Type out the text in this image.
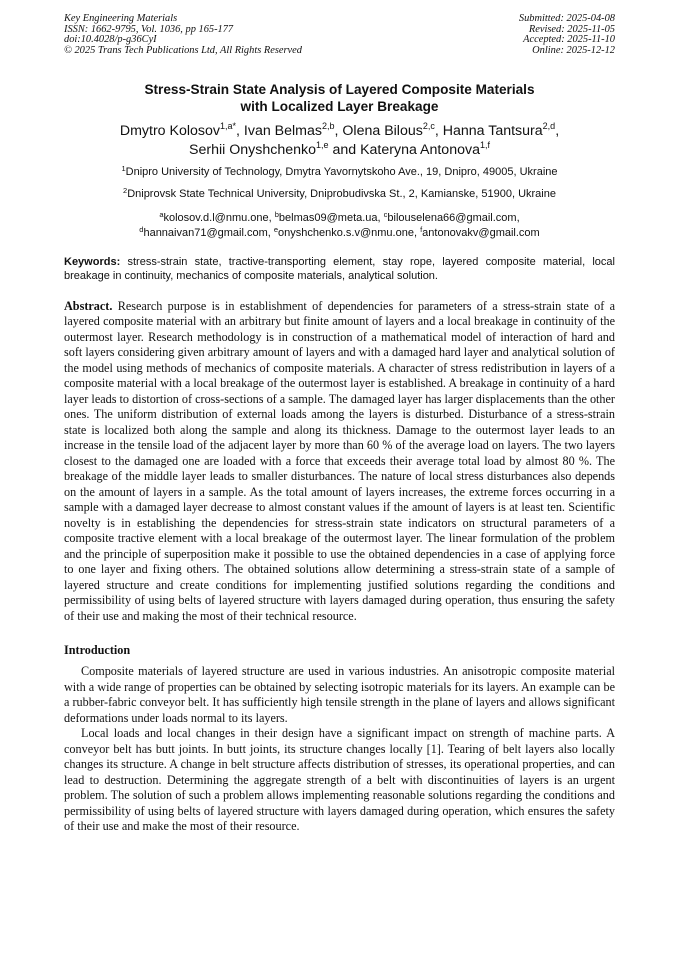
Key Engineering Materials
ISSN: 1662-9795, Vol. 1036, pp 165-177
doi:10.4028/p-g36CyI
© 2025 Trans Tech Publications Ltd, All Rights Reserved
Submitted: 2025-04-08
Revised: 2025-11-05
Accepted: 2025-11-10
Online: 2025-12-12
Stress-Strain State Analysis of Layered Composite Materials
with Localized Layer Breakage
Dmytro Kolosov$^{1,a*}$, Ivan Belmas$^{2,b}$, Olena Bilous$^{2,c}$, Hanna Tantsura$^{2,d}$,
Serhii Onyshchenko$^{1,e}$ and Kateryna Antonova$^{1,f}$
$^1$Dnipro University of Technology, Dmytra Yavornytskoho Ave., 19, Dnipro, 49005, Ukraine
$^2$Dniprovsk State Technical University, Dniprobudivska St., 2, Kamianske, 51900, Ukraine
$^a$kolosov.d.l@nmu.one, $^b$belmas09@meta.ua, $^c$bilouselena66@gmail.com,
$^d$hannaivan71@gmail.com, $^e$onyshchenko.s.v@nmu.one, $^f$antonovakv@gmail.com
Keywords: stress-strain state, tractive-transporting element, stay rope, layered composite material, local breakage in continuity, mechanics of composite materials, analytical solution.
Abstract. Research purpose is in establishment of dependencies for parameters of a stress-strain state of a layered composite material with an arbitrary but finite amount of layers and a local breakage in continuity of the outermost layer. Research methodology is in construction of a mathematical model of interaction of hard and soft layers considering given arbitrary amount of layers and with a damaged hard layer and analytical solution of the model using methods of mechanics of composite materials. A character of stress redistribution in layers of a composite material with a local breakage of the outermost layer is established. A breakage in continuity of a hard layer leads to distortion of cross-sections of a sample. The damaged layer has larger displacements than the other ones. The uniform distribution of external loads among the layers is disturbed. Disturbance of a stress-strain state is localized both along the sample and along its thickness. Damage to the outermost layer leads to an increase in the tensile load of the adjacent layer by more than 60 % of the average load on layers. The two layers closest to the damaged one are loaded with a force that exceeds their average total load by almost 80 %. The breakage of the middle layer leads to smaller disturbances. The nature of local stress disturbances also depends on the amount of layers in a sample. As the total amount of layers increases, the extreme forces occurring in a sample with a damaged layer decrease to almost constant values if the amount of layers is at least ten. Scientific novelty is in establishing the dependencies for stress-strain state indicators on structural parameters of a composite tractive element with a local breakage of the outermost layer. The linear formulation of the problem and the principle of superposition make it possible to use the obtained dependencies in a case of applying force to one layer and fixing others. The obtained solutions allow determining a stress-strain state of a sample of layered structure and create conditions for implementing justified solutions regarding the conditions and permissibility of using belts of layered structure with layers damaged during operation, thus ensuring the safety of their use and making the most of their technical resource.
Introduction
Composite materials of layered structure are used in various industries. An anisotropic composite material with a wide range of properties can be obtained by selecting isotropic materials for its layers. An example can be a rubber-fabric conveyor belt. It has sufficiently high tensile strength in the plane of layers and allows significant deformations under loads normal to its layers.
Local loads and local changes in their design have a significant impact on strength of machine parts. A conveyor belt has butt joints. In butt joints, its structure changes locally [1]. Tearing of belt layers also locally changes its structure. A change in belt structure affects distribution of stresses, its operational properties, and can lead to destruction. Determining the aggregate strength of a belt with discontinuities of layers is an urgent problem. The solution of such a problem allows implementing reasonable solutions regarding the conditions and permissibility of using belts of layered structure with layers damaged during operation, which ensures the safety of their use and make the most of their resource.
